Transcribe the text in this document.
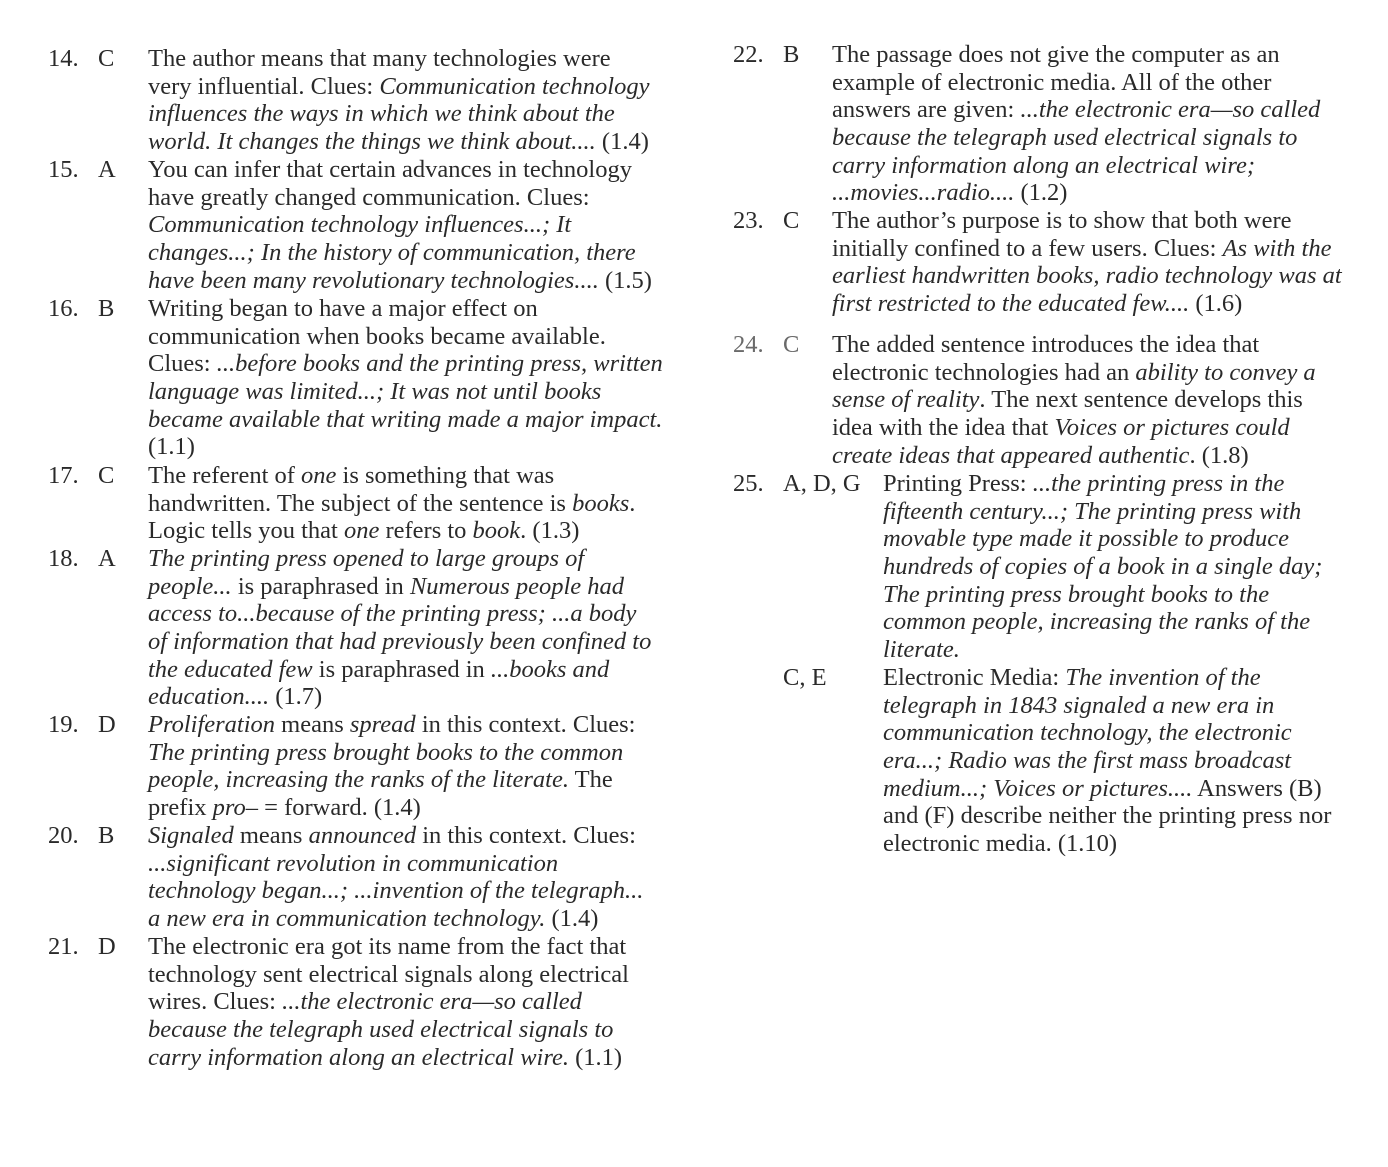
14. C The author means that many technologies were
very influential. Clues: Communication technology
influences the ways in which we think about the
world. It changes the things we think about.... (1.4)
15. A You can infer that certain advances in technology
have greatly changed communication. Clues:
Communication technology influences...; It
changes...; In the history of communication, there
have been many revolutionary technologies.... (1.5)
16. B Writing began to have a major effect on
communication when books became available.
Clues: ...before books and the printing press, written
language was limited...; It was not until books
became available that writing made a major impact.
(1.1)
17. C The referent of one is something that was
handwritten. The subject of the sentence is books.
Logic tells you that one refers to book. (1.3)
18. A The printing press opened to large groups of
people... is paraphrased in Numerous people had
access to...because of the printing press; ...a body
of information that had previously been confined to
the educated few is paraphrased in ...books and
education.... (1.7)
19. D Proliferation means spread in this context. Clues:
The printing press brought books to the common
people, increasing the ranks of the literate. The
prefix pro– = forward. (1.4)
20. B Signaled means announced in this context. Clues:
...significant revolution in communication
technology began...; ...invention of the telegraph...
a new era in communication technology. (1.4)
21. D The electronic era got its name from the fact that
technology sent electrical signals along electrical
wires. Clues: ...the electronic era—so called
because the telegraph used electrical signals to
carry information along an electrical wire. (1.1)
22. B The passage does not give the computer as an
example of electronic media. All of the other
answers are given: ...the electronic era—so called
because the telegraph used electrical signals to
carry information along an electrical wire;
...movies...radio.... (1.2)
23. C The author’s purpose is to show that both were
initially confined to a few users. Clues: As with the
earliest handwritten books, radio technology was at
first restricted to the educated few.... (1.6)
24. C The added sentence introduces the idea that
electronic technologies had an ability to convey a
sense of reality. The next sentence develops this
idea with the idea that Voices or pictures could
create ideas that appeared authentic. (1.8)
25. A, D, G Printing Press: ...the printing press in the
fifteenth century...; The printing press with
movable type made it possible to produce
hundreds of copies of a book in a single day;
The printing press brought books to the
common people, increasing the ranks of the
literate.
C, E Electronic Media: The invention of the
telegraph in 1843 signaled a new era in
communication technology, the electronic
era...; Radio was the first mass broadcast
medium...; Voices or pictures.... Answers (B)
and (F) describe neither the printing press nor
electronic media. (1.10)
